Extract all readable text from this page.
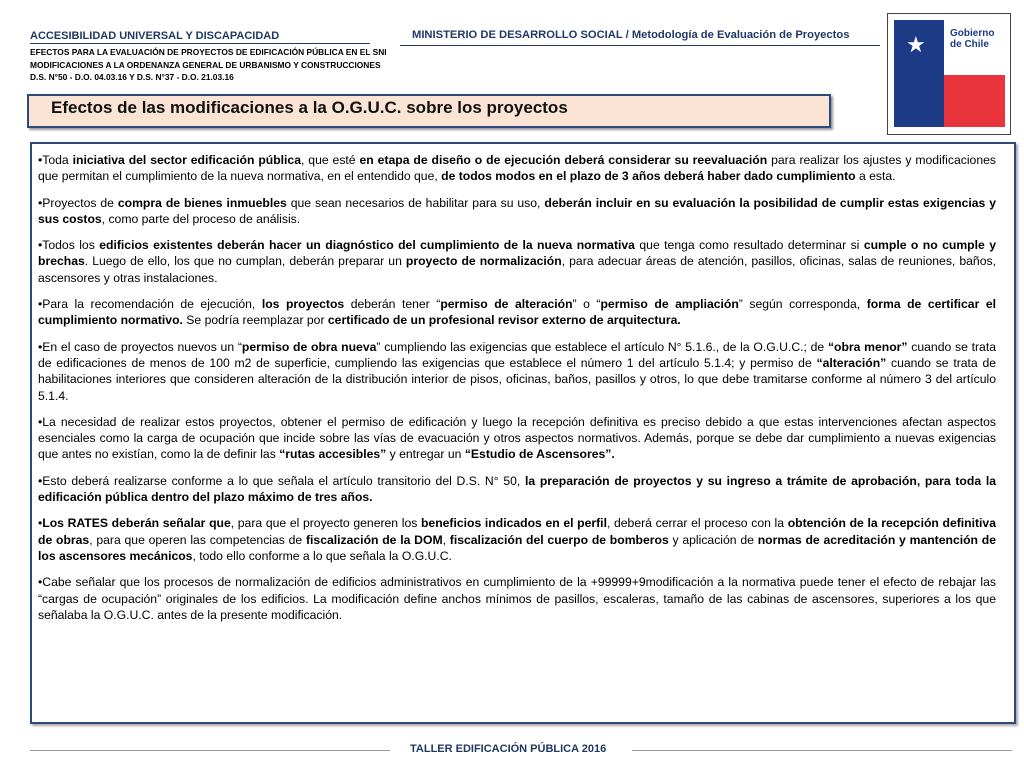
ACCESIBILIDAD UNIVERSAL Y DISCAPACIDAD
EFECTOS PARA LA EVALUACIÓN DE PROYECTOS DE EDIFICACIÓN PÚBLICA EN EL SNI
MODIFICACIONES A LA ORDENANZA GENERAL DE URBANISMO Y CONSTRUCCIONES
D.S. N°50 - D.O. 04.03.16 Y D.S. N°37 - D.O. 21.03.16
MINISTERIO DE DESARROLLO SOCIAL / Metodología de Evaluación de Proyectos	★ Gobierno
de Chile
Efectos de las modificaciones a la O.G.U.C. sobre los proyectos

•Toda iniciativa del sector edificación pública, que esté en etapa de diseño o de ejecución deberá considerar su reevaluación para realizar los ajustes y modificaciones que permitan el cumplimiento de la nueva normativa, en el entendido que, de todos modos en el plazo de 3 años deberá haber dado cumplimiento a esta.

•Proyectos de compra de bienes inmuebles que sean necesarios de habilitar para su uso, deberán incluir en su evaluación la posibilidad de cumplir estas exigencias y sus costos, como parte del proceso de análisis.

•Todos los edificios existentes deberán hacer un diagnóstico del cumplimiento de la nueva normativa que tenga como resultado determinar si cumple o no cumple y brechas. Luego de ello, los que no cumplan, deberán preparar un proyecto de normalización, para adecuar áreas de atención, pasillos, oficinas, salas de reuniones, baños, ascensores y otras instalaciones.

•Para la recomendación de ejecución, los proyectos deberán tener “permiso de alteración” o “permiso de ampliación” según corresponda, forma de certificar el cumplimiento normativo. Se podría reemplazar por certificado de un profesional revisor externo de arquitectura.

•En el caso de proyectos nuevos un “permiso de obra nueva” cumpliendo las exigencias que establece el artículo N° 5.1.6., de la O.G.U.C.; de “obra menor” cuando se trata de edificaciones de menos de 100 m2 de superficie, cumpliendo las exigencias que establece el número 1 del artículo 5.1.4; y permiso de “alteración” cuando se trata de habilitaciones interiores que consideren alteración de la distribución interior de pisos, oficinas, baños, pasillos y otros, lo que debe tramitarse conforme al número 3 del artículo 5.1.4.

•La necesidad de realizar estos proyectos, obtener el permiso de edificación y luego la recepción definitiva es preciso debido a que estas intervenciones afectan aspectos esenciales como la carga de ocupación que incide sobre las vías de evacuación y otros aspectos normativos. Además, porque se debe dar cumplimiento a nuevas exigencias que antes no existían, como la de definir las “rutas accesibles” y entregar un “Estudio de Ascensores”.

•Esto deberá realizarse conforme a lo que señala el artículo transitorio del D.S. N° 50, la preparación de proyectos y su ingreso a trámite de aprobación, para toda la edificación pública dentro del plazo máximo de tres años.

•Los RATES deberán señalar que, para que el proyecto generen los beneficios indicados en el perfil, deberá cerrar el proceso con la obtención de la recepción definitiva de obras, para que operen las competencias de fiscalización de la DOM, fiscalización del cuerpo de bomberos y aplicación de normas de acreditación y mantención de los ascensores mecánicos, todo ello conforme a lo que señala la O.G.U.C.

•Cabe señalar que los procesos de normalización de edificios administrativos en cumplimiento de la +99999+9modificación a la normativa puede tener el efecto de rebajar las “cargas de ocupación” originales de los edificios. La modificación define anchos mínimos de pasillos, escaleras, tamaño de las cabinas de ascensores, superiores a los que señalaba la O.G.U.C. antes de la presente modificación.

TALLER EDIFICACIÓN PÚBLICA 2016
